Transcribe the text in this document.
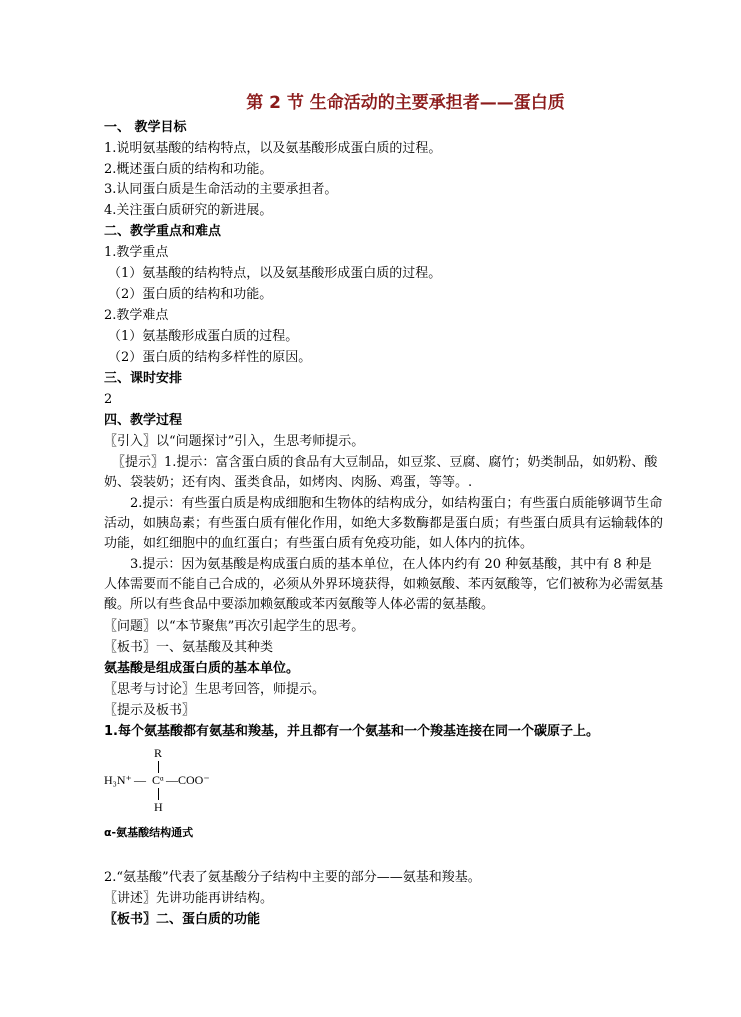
第 2 节 生命活动的主要承担者——蛋白质
一、 教学目标
1.说明氨基酸的结构特点，以及氨基酸形成蛋白质的过程。
2.概述蛋白质的结构和功能。
3.认同蛋白质是生命活动的主要承担者。
4.关注蛋白质研究的新进展。
二、教学重点和难点
1.教学重点
（1）氨基酸的结构特点，以及氨基酸形成蛋白质的过程。
（2）蛋白质的结构和功能。
2.教学难点
（1）氨基酸形成蛋白质的过程。
（2）蛋白质的结构多样性的原因。
三、课时安排
2
四、教学过程
〖引入〗以“问题探讨”引入，生思考师提示。
〖提示〗1.提示：富含蛋白质的食品有大豆制品，如豆浆、豆腐、腐竹；奶类制品，如奶粉、酸奶、袋装奶；还有肉、蛋类食品，如烤肉、肉肠、鸡蛋，等等。.
2.提示：有些蛋白质是构成细胞和生物体的结构成分，如结构蛋白；有些蛋白质能够调节生命活动，如胰岛素；有些蛋白质有催化作用，如绝大多数酶都是蛋白质；有些蛋白质具有运输载体的功能，如红细胞中的血红蛋白；有些蛋白质有免疫功能，如人体内的抗体。
3.提示：因为氨基酸是构成蛋白质的基本单位，在人体内约有 20 种氨基酸，其中有 8 种是人体需要而不能自己合成的，必须从外界环境获得，如赖氨酸、苯丙氨酸等，它们被称为必需氨基酸。所以有些食品中要添加赖氨酸或苯丙氨酸等人体必需的氨基酸。
〖问题〗以“本节聚焦”再次引起学生的思考。
〖板书〗一、氨基酸及其种类
氨基酸是组成蛋白质的基本单位。
〖思考与讨论〗生思考回答，师提示。
〖提示及板书〗
1.每个氨基酸都有氨基和羧基，并且都有一个氨基和一个羧基连接在同一个碳原子上。
R
H₃N⁺ — Cᵅ —COO⁻
H
α-氨基酸结构通式
2.“氨基酸”代表了氨基酸分子结构中主要的部分——氨基和羧基。
〖讲述〗先讲功能再讲结构。
〖板书〗二、蛋白质的功能
